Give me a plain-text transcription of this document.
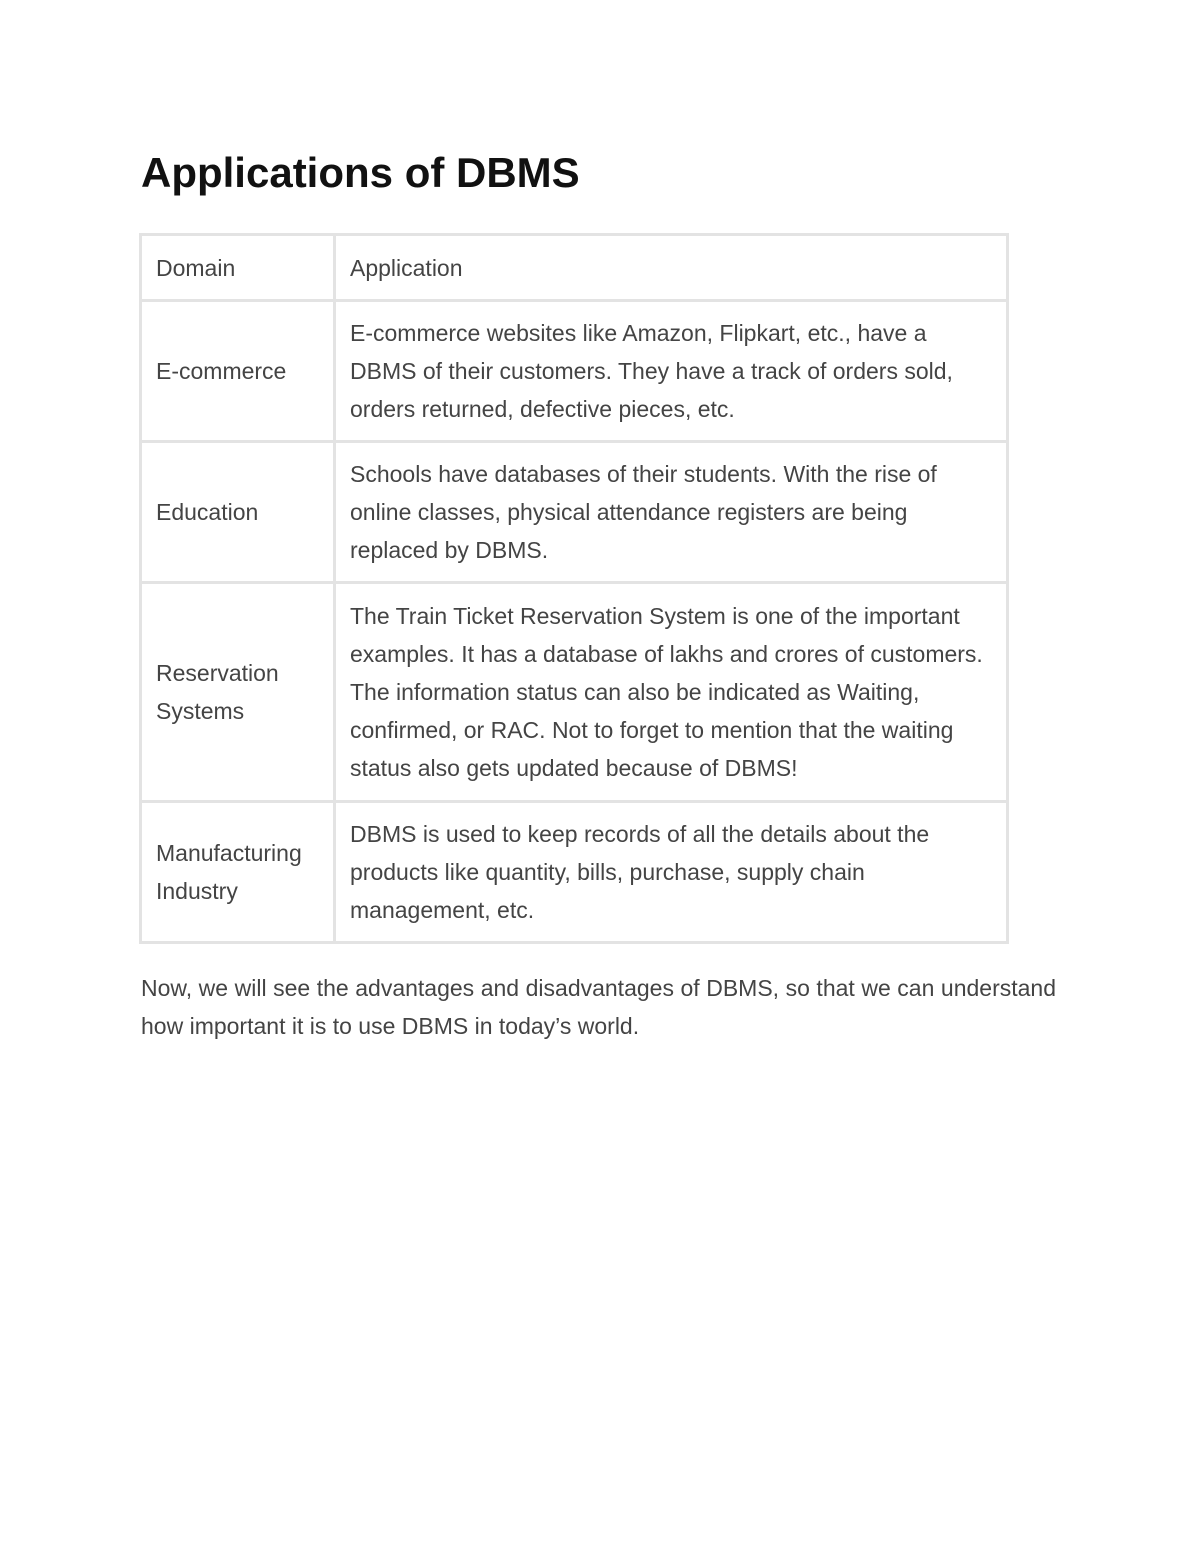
Applications of DBMS
Domain	Application
E-commerce	E-commerce websites like Amazon, Flipkart, etc., have a DBMS of their customers. They have a track of orders sold, orders returned, defective pieces, etc.
Education	Schools have databases of their students. With the rise of online classes, physical attendance registers are being replaced by DBMS.
Reservation Systems	The Train Ticket Reservation System is one of the important examples. It has a database of lakhs and crores of customers. The information status can also be indicated as Waiting, confirmed, or RAC. Not to forget to mention that the waiting status also gets updated because of DBMS!
Manufacturing Industry	DBMS is used to keep records of all the details about the products like quantity, bills, purchase, supply chain management, etc.

Now, we will see the advantages and disadvantages of DBMS, so that we can understand how important it is to use DBMS in today’s world.
